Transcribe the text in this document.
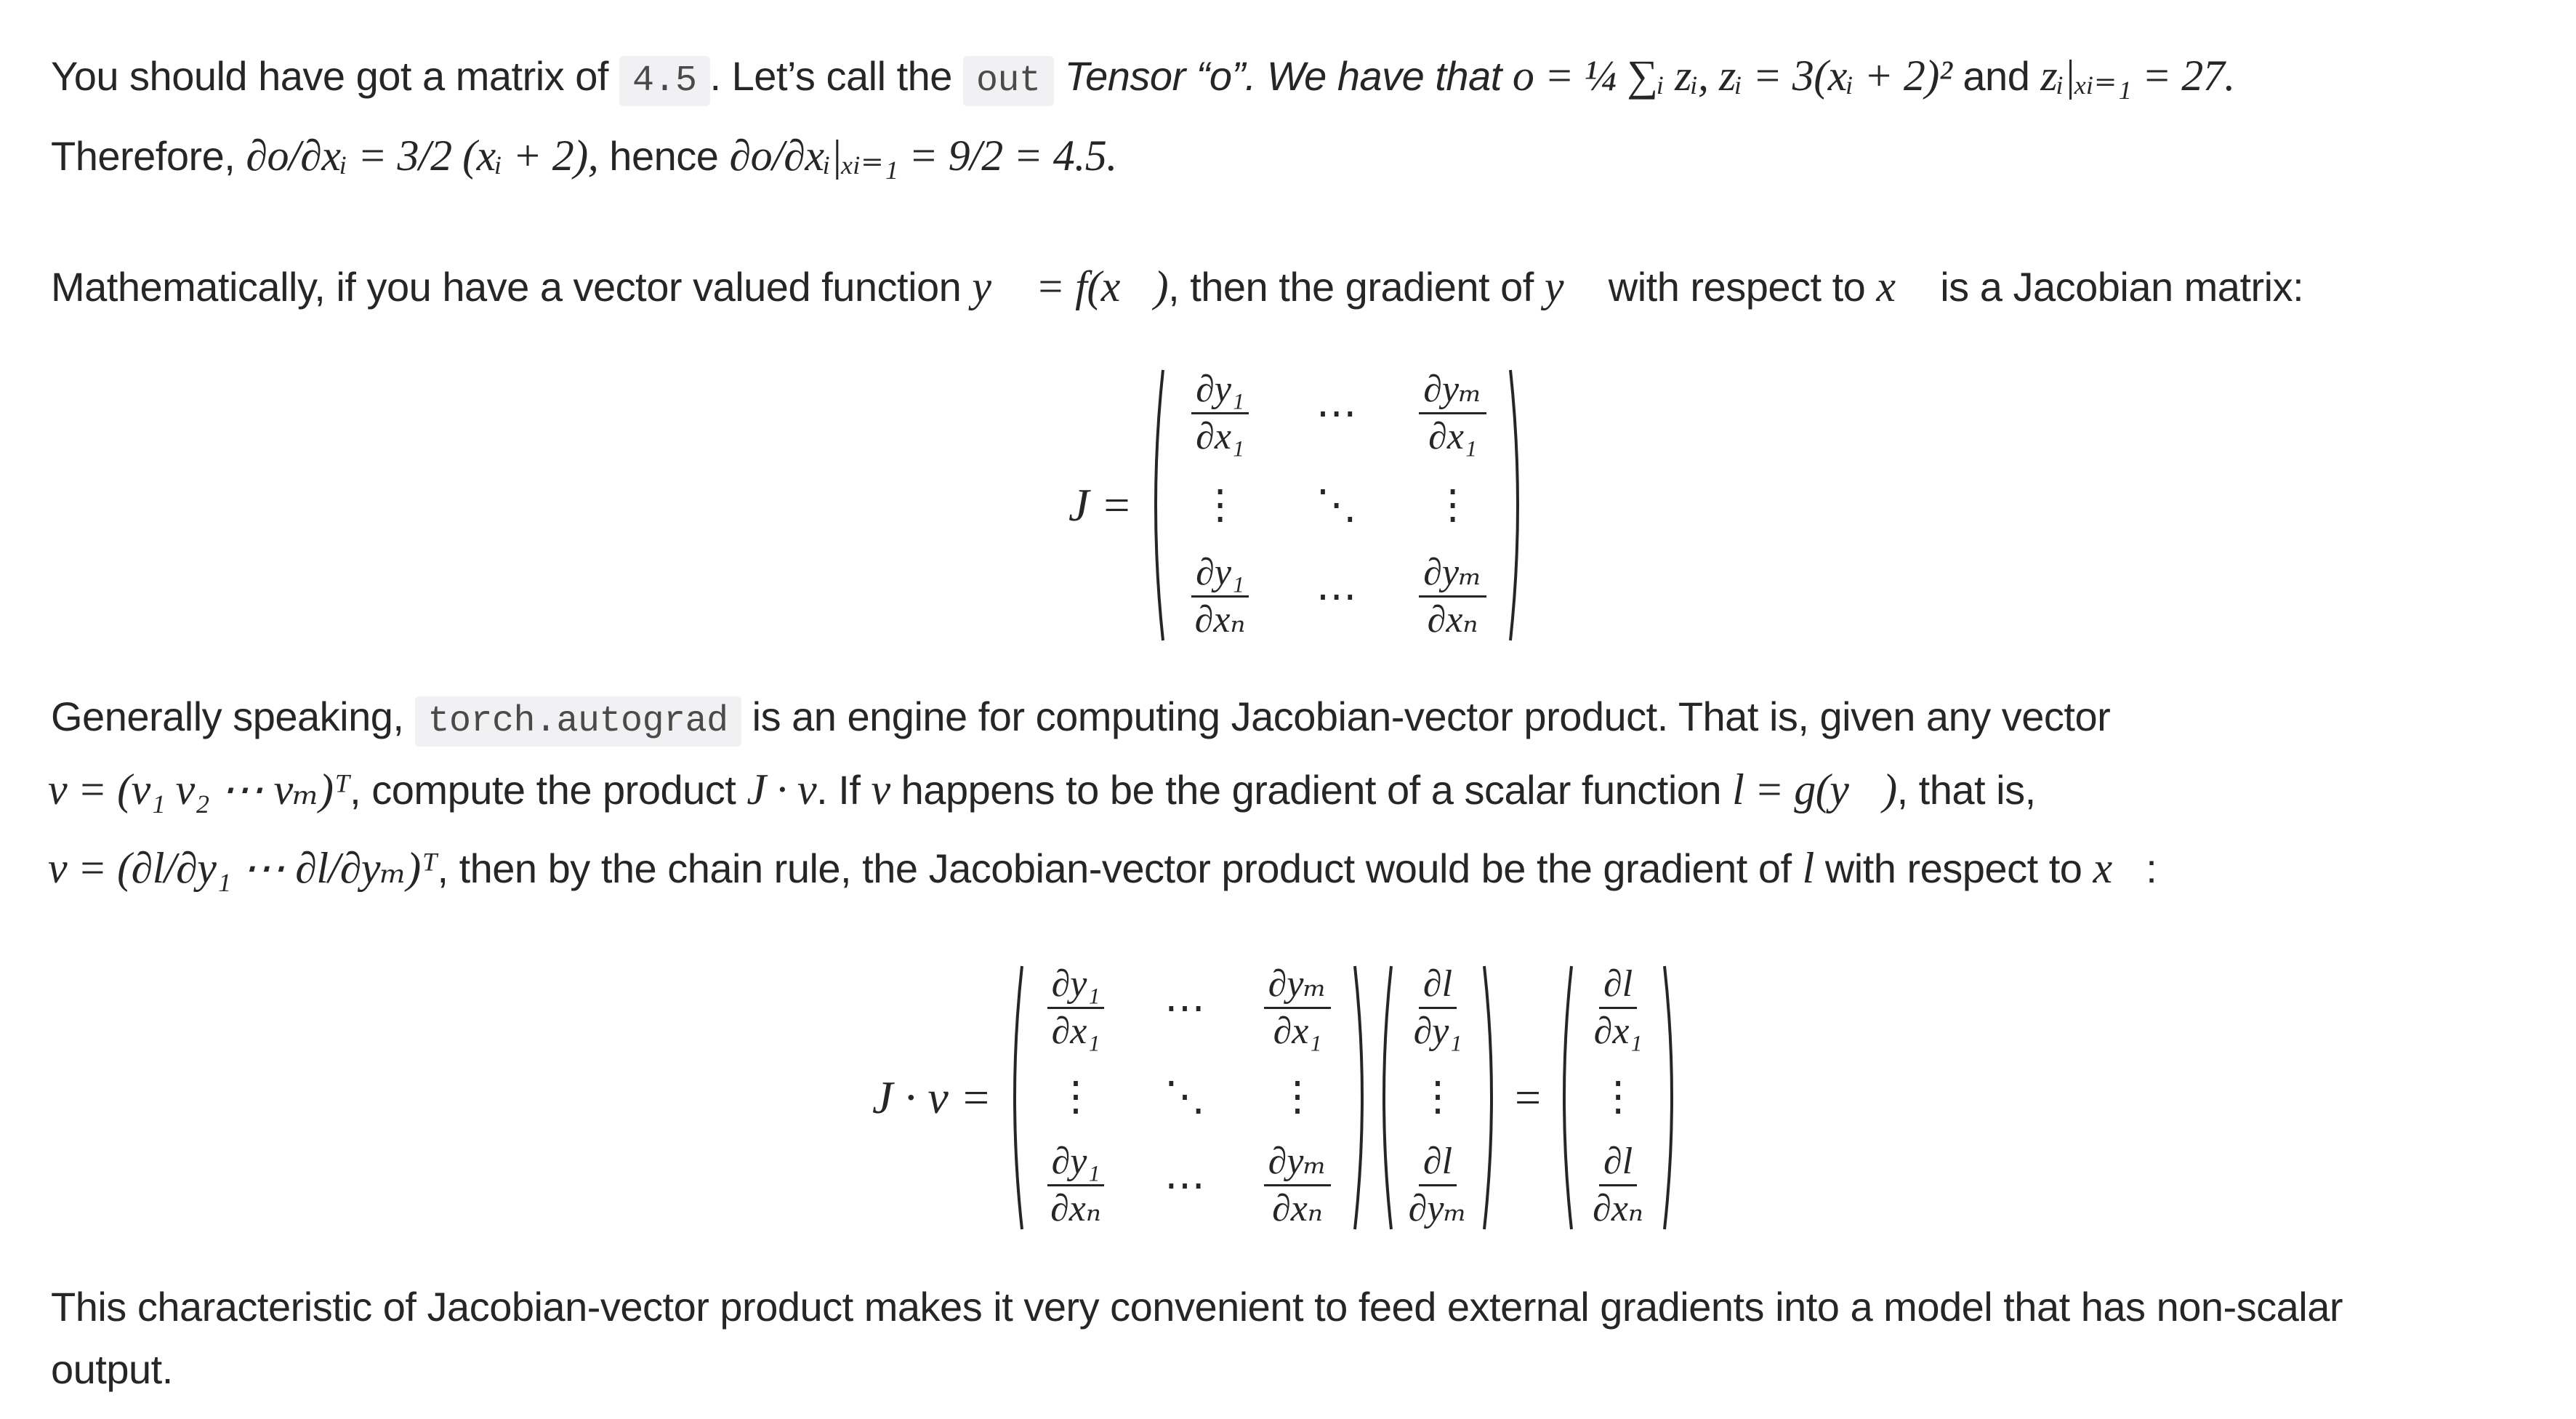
You should have got a matrix of 4.5 . Let’s call the out Tensor “o”. We have that o = ¼ ∑ᵢ zᵢ, zᵢ = 3(xᵢ + 2)² and zᵢ|ₓᵢ₌₁ = 27.
Therefore, ∂o/∂xᵢ = 3/2 (xᵢ + 2), hence ∂o/∂xᵢ|ₓᵢ₌₁ = 9/2 = 4.5.
Mathematically, if you have a vector valued function y⃗ = f(x⃗), then the gradient of y⃗ with respect to x⃗ is a Jacobian matrix:
J =
$\frac{\text{∂y₁}}{\text{∂x₁}}$ ⋯ $\frac{\text{∂yₘ}}{\text{∂x₁}}$
⋮ ⋱ ⋮
$\frac{\text{∂y₁}}{\text{∂xₙ}}$ ⋯ $\frac{\text{∂yₘ}}{\text{∂xₙ}}$
Generally speaking, torch.autograd is an engine for computing Jacobian-vector product. That is, given any vector
v = (v₁ v₂ ⋯ vₘ)ᵀ, compute the product J · v. If v happens to be the gradient of a scalar function l = g(y⃗), that is,
v = (∂l/∂y₁ ⋯ ∂l/∂yₘ)ᵀ, then by the chain rule, the Jacobian-vector product would be the gradient of l with respect to x⃗:
J · v =
$\frac{\text{∂y₁}}{\text{∂x₁}}$ ⋯ $\frac{\text{∂yₘ}}{\text{∂x₁}}$
⋮ ⋱ ⋮
$\frac{\text{∂y₁}}{\text{∂xₙ}}$ ⋯ $\frac{\text{∂yₘ}}{\text{∂xₙ}}$
$\frac{\partial l}{\text{∂y₁}}$
⋮
$\frac{\partial l}{\text{∂yₘ}}$
=
$\frac{\partial l}{\text{∂x₁}}$
⋮
$\frac{\partial l}{\text{∂xₙ}}$
This characteristic of Jacobian-vector product makes it very convenient to feed external gradients into a model that has non-scalar
output.
